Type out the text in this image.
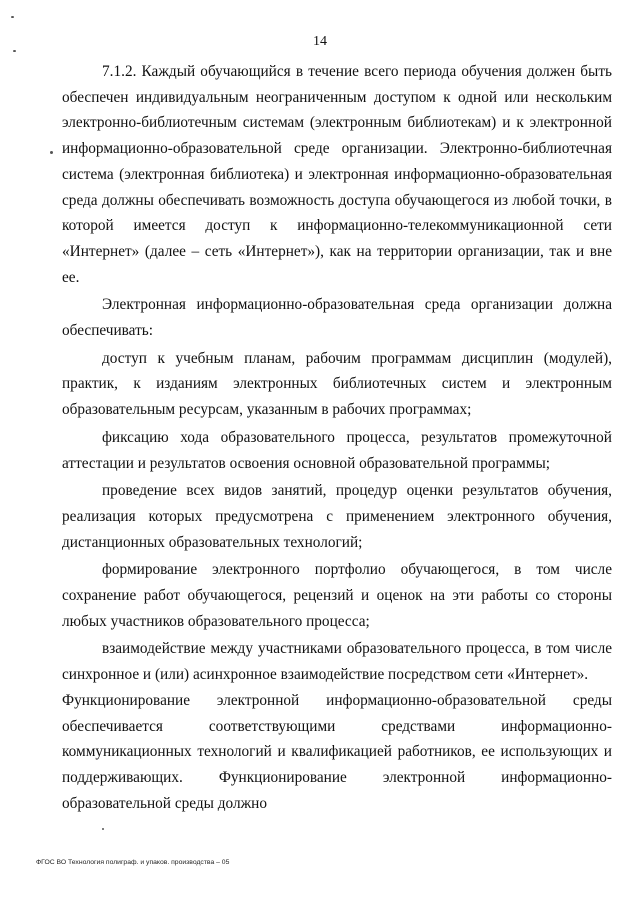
14

7.1.2. Каждый обучающийся в течение всего периода обучения должен быть обеспечен индивидуальным неограниченным доступом к одной или нескольким электронно-библиотечным системам (электронным библиотекам) и к электронной информационно-образовательной среде организации. Электронно-библиотечная система (электронная библиотека) и электронная информационно-образовательная среда должны обеспечивать возможность доступа обучающегося из любой точки, в которой имеется доступ к информационно-телекоммуникационной сети «Интернет» (далее – сеть «Интернет»), как на территории организации, так и вне ее.

Электронная информационно-образовательная среда организации должна обеспечивать:

доступ к учебным планам, рабочим программам дисциплин (модулей), практик, к изданиям электронных библиотечных систем и электронным образовательным ресурсам, указанным в рабочих программах;

фиксацию хода образовательного процесса, результатов промежуточной аттестации и результатов освоения основной образовательной программы;

проведение всех видов занятий, процедур оценки результатов обучения, реализация которых предусмотрена с применением электронного обучения, дистанционных образовательных технологий;

формирование электронного портфолио обучающегося, в том числе сохранение работ обучающегося, рецензий и оценок на эти работы со стороны любых участников образовательного процесса;

взаимодействие между участниками образовательного процесса, в том числе синхронное и (или) асинхронное взаимодействие посредством сети «Интернет».

Функционирование электронной информационно-образовательной среды обеспечивается соответствующими средствами информационно-коммуникационных технологий и квалификацией работников, ее использующих и поддерживающих. Функционирование электронной информационно-образовательной среды должно

ФГОС ВО Технология полиграф. и упаков. производства – 05
